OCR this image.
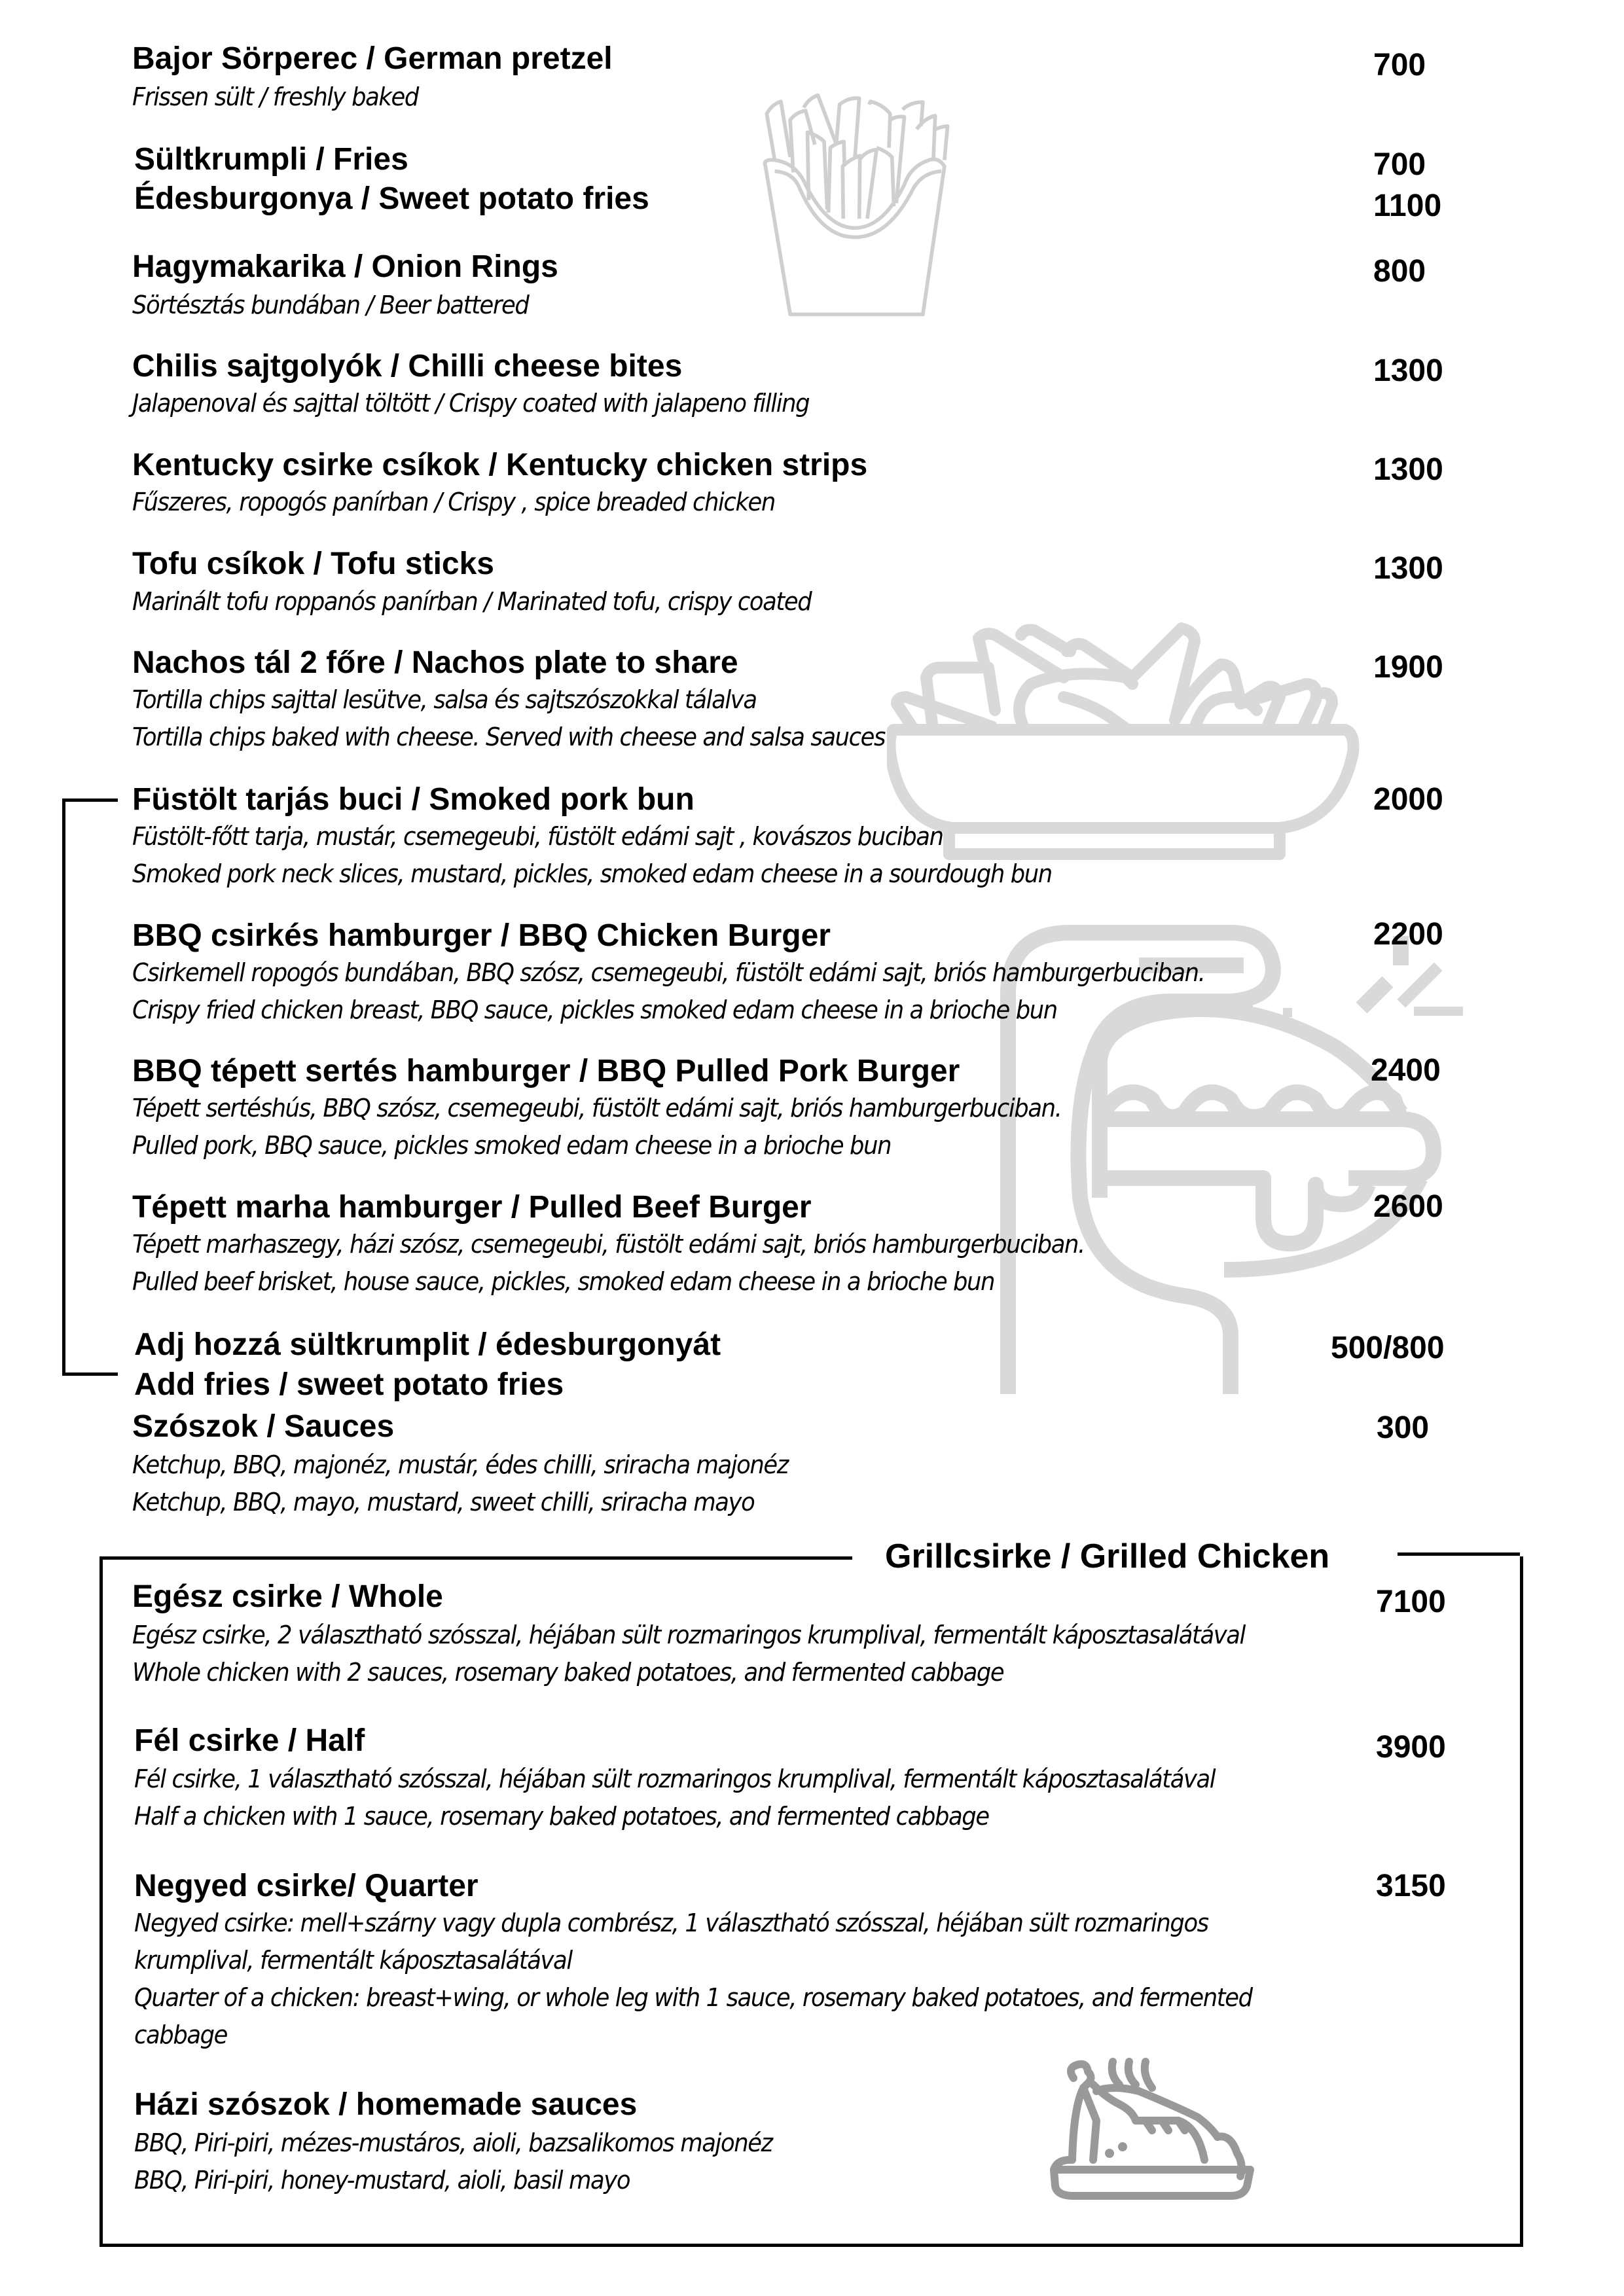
Bajor Sörperec / German pretzel
Frissen sült / freshly baked
700
Sültkrumpli / Fries	700
Édesburgonya / Sweet potato fries	1100
Hagymakarika / Onion Rings
Sörtésztás bundában / Beer battered
800
Chilis sajtgolyók / Chilli cheese bites
Jalapenoval és sajttal töltött / Crispy coated with jalapeno filling
1300
Kentucky csirke csíkok / Kentucky chicken strips
Fűszeres, ropogós panírban / Crispy , spice breaded chicken
1300
Tofu csíkok / Tofu sticks
Marinált tofu roppanós panírban / Marinated tofu, crispy coated
1300
Nachos tál 2 főre / Nachos plate to share
Tortilla chips sajttal lesütve, salsa és sajtszószokkal tálalva
Tortilla chips baked with cheese. Served with cheese and salsa sauces
1900
Füstölt tarjás buci / Smoked pork bun
Füstölt-főtt tarja, mustár, csemegeubi, füstölt edámi sajt , kovászos buciban
Smoked pork neck slices, mustard, pickles, smoked edam cheese in a sourdough bun
2000
BBQ csirkés hamburger / BBQ Chicken Burger
Csirkemell ropogós bundában, BBQ szósz, csemegeubi, füstölt edámi sajt, briós hamburgerbuciban.
Crispy fried chicken breast, BBQ sauce, pickles smoked edam cheese in a brioche bun
2200
BBQ tépett sertés hamburger / BBQ Pulled Pork Burger
Tépett sertéshús, BBQ szósz, csemegeubi, füstölt edámi sajt, briós hamburgerbuciban.
Pulled pork, BBQ sauce, pickles smoked edam cheese in a brioche bun
2400
Tépett marha hamburger / Pulled Beef Burger
Tépett marhaszegy, házi szósz, csemegeubi, füstölt edámi sajt, briós hamburgerbuciban.
Pulled beef brisket, house sauce, pickles, smoked edam cheese in a brioche bun
2600
Adj hozzá sültkrumplit / édesburgonyát
Add fries / sweet potato fries
500/800
Szószok / Sauces
Ketchup, BBQ, majonéz, mustár, édes chilli, sriracha majonéz
Ketchup, BBQ, mayo, mustard, sweet chilli, sriracha mayo
300
Grillcsirke / Grilled Chicken
Egész csirke / Whole
Egész csirke, 2 választható szósszal, héjában sült rozmaringos krumplival, fermentált káposztasalátával
Whole chicken with 2 sauces, rosemary baked potatoes, and fermented cabbage
7100
Fél csirke / Half
Fél csirke, 1 választható szósszal, héjában sült rozmaringos krumplival, fermentált káposztasalátával
Half a chicken with 1 sauce, rosemary baked potatoes, and fermented cabbage
3900
Negyed csirke/ Quarter
Negyed csirke: mell+szárny vagy dupla combrész, 1 választható szósszal, héjában sült rozmaringos
krumplival, fermentált káposztasalátával
Quarter of a chicken: breast+wing, or whole leg with 1 sauce, rosemary baked potatoes, and fermented
cabbage
3150
Házi szószok / homemade sauces
BBQ, Piri-piri, mézes-mustáros, aioli, bazsalikomos majonéz
BBQ, Piri-piri, honey-mustard, aioli, basil mayo
